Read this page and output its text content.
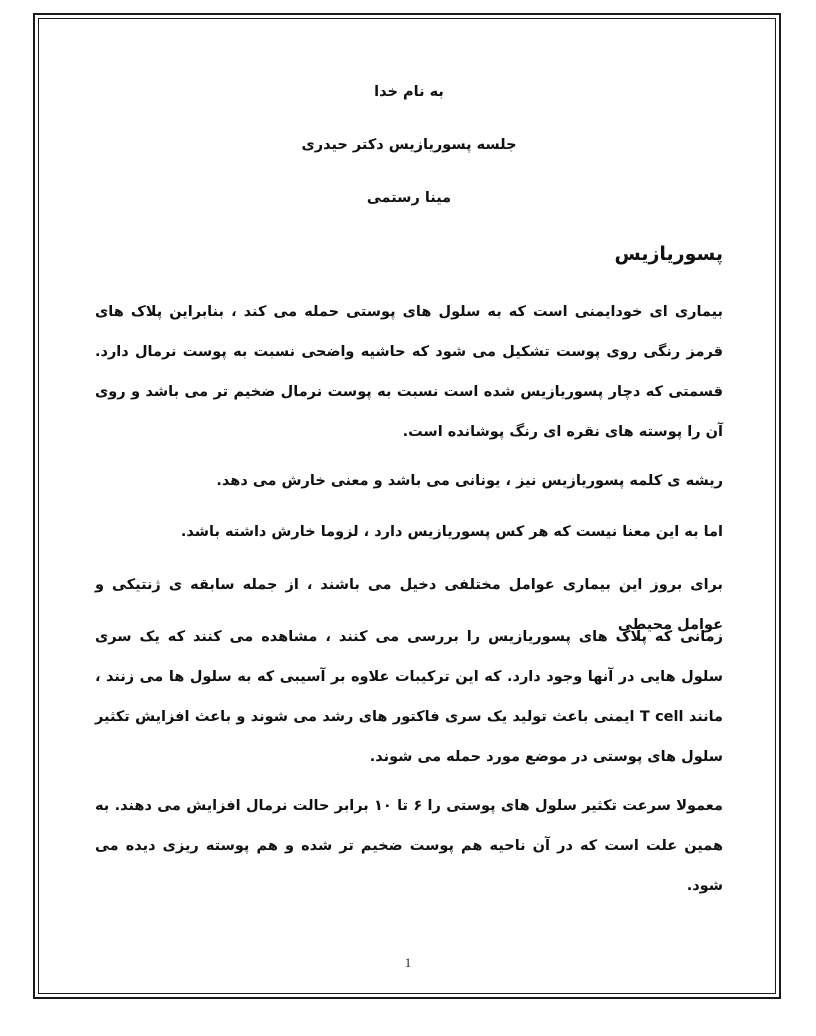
به نام خدا

جلسه پسوریازیس دکتر حیدری

مینا رستمی

پسوریازیس

بیماری ای خودایمنی است که به سلول های پوستی حمله می کند ، بنابراین پلاک های قرمز رنگی روی پوست تشکیل می شود که حاشیه واضحی نسبت به پوست نرمال دارد. قسمتی که دچار پسوریازیس شده است نسبت به پوست نرمال ضخیم تر می باشد و روی آن را پوسته های نقره ای رنگ پوشانده است.

ریشه ی کلمه پسوریازیس نیز ، یونانی می باشد و معنی خارش می دهد.

اما به این معنا نیست که هر کس پسوریازیس دارد ، لزوما خارش داشته باشد.

برای بروز این بیماری عوامل مختلفی دخیل می باشند ، از جمله سابقه ی ژنتیکی و عوامل محیطی

زمانی که پلاک های پسوریازیس را بررسی می کنند ، مشاهده می کنند که یک سری سلول هایی در آنها وجود دارد. که این ترکیبات علاوه بر آسیبی که به سلول ها می زنند ، مانند T cell ایمنی باعث تولید یک سری فاکتور های رشد می شوند و باعث افزایش تکثیر سلول های پوستی در موضع مورد حمله می شوند.

معمولا سرعت تکثیر سلول های پوستی را ۶ تا ۱۰ برابر حالت نرمال افزایش می دهند. به همین علت است که در آن ناحیه هم پوست ضخیم تر شده و هم پوسته ریزی دیده می شود.

1
